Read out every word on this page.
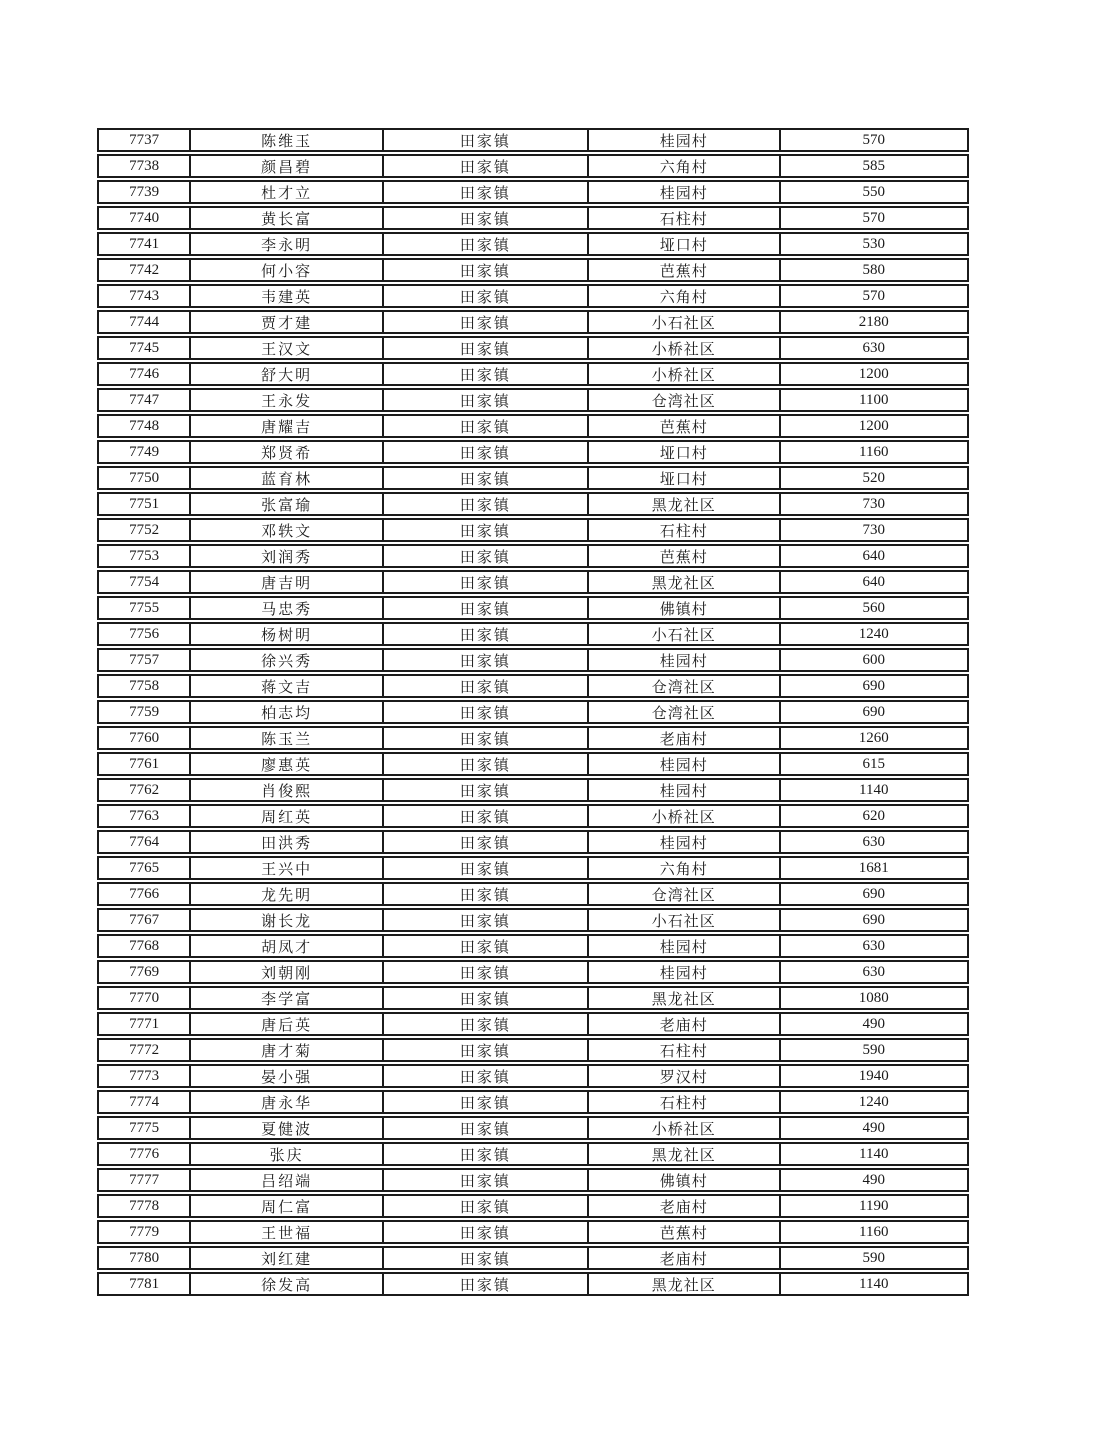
7737	陈维玉	田家镇	桂园村	570
7738	颜昌碧	田家镇	六角村	585
7739	杜才立	田家镇	桂园村	550
7740	黄长富	田家镇	石柱村	570
7741	李永明	田家镇	垭口村	530
7742	何小容	田家镇	芭蕉村	580
7743	韦建英	田家镇	六角村	570
7744	贾才建	田家镇	小石社区	2180
7745	王汉文	田家镇	小桥社区	630
7746	舒大明	田家镇	小桥社区	1200
7747	王永发	田家镇	仓湾社区	1100
7748	唐耀吉	田家镇	芭蕉村	1200
7749	郑贤希	田家镇	垭口村	1160
7750	蓝育林	田家镇	垭口村	520
7751	张富瑜	田家镇	黑龙社区	730
7752	邓轶文	田家镇	石柱村	730
7753	刘润秀	田家镇	芭蕉村	640
7754	唐吉明	田家镇	黑龙社区	640
7755	马忠秀	田家镇	佛镇村	560
7756	杨树明	田家镇	小石社区	1240
7757	徐兴秀	田家镇	桂园村	600
7758	蒋文吉	田家镇	仓湾社区	690
7759	柏志均	田家镇	仓湾社区	690
7760	陈玉兰	田家镇	老庙村	1260
7761	廖惠英	田家镇	桂园村	615
7762	肖俊熙	田家镇	桂园村	1140
7763	周红英	田家镇	小桥社区	620
7764	田洪秀	田家镇	桂园村	630
7765	王兴中	田家镇	六角村	1681
7766	龙先明	田家镇	仓湾社区	690
7767	谢长龙	田家镇	小石社区	690
7768	胡凤才	田家镇	桂园村	630
7769	刘朝刚	田家镇	桂园村	630
7770	李学富	田家镇	黑龙社区	1080
7771	唐后英	田家镇	老庙村	490
7772	唐才菊	田家镇	石柱村	590
7773	晏小强	田家镇	罗汉村	1940
7774	唐永华	田家镇	石柱村	1240
7775	夏健波	田家镇	小桥社区	490
7776	张庆	田家镇	黑龙社区	1140
7777	吕绍端	田家镇	佛镇村	490
7778	周仁富	田家镇	老庙村	1190
7779	王世福	田家镇	芭蕉村	1160
7780	刘红建	田家镇	老庙村	590
7781	徐发高	田家镇	黑龙社区	1140
